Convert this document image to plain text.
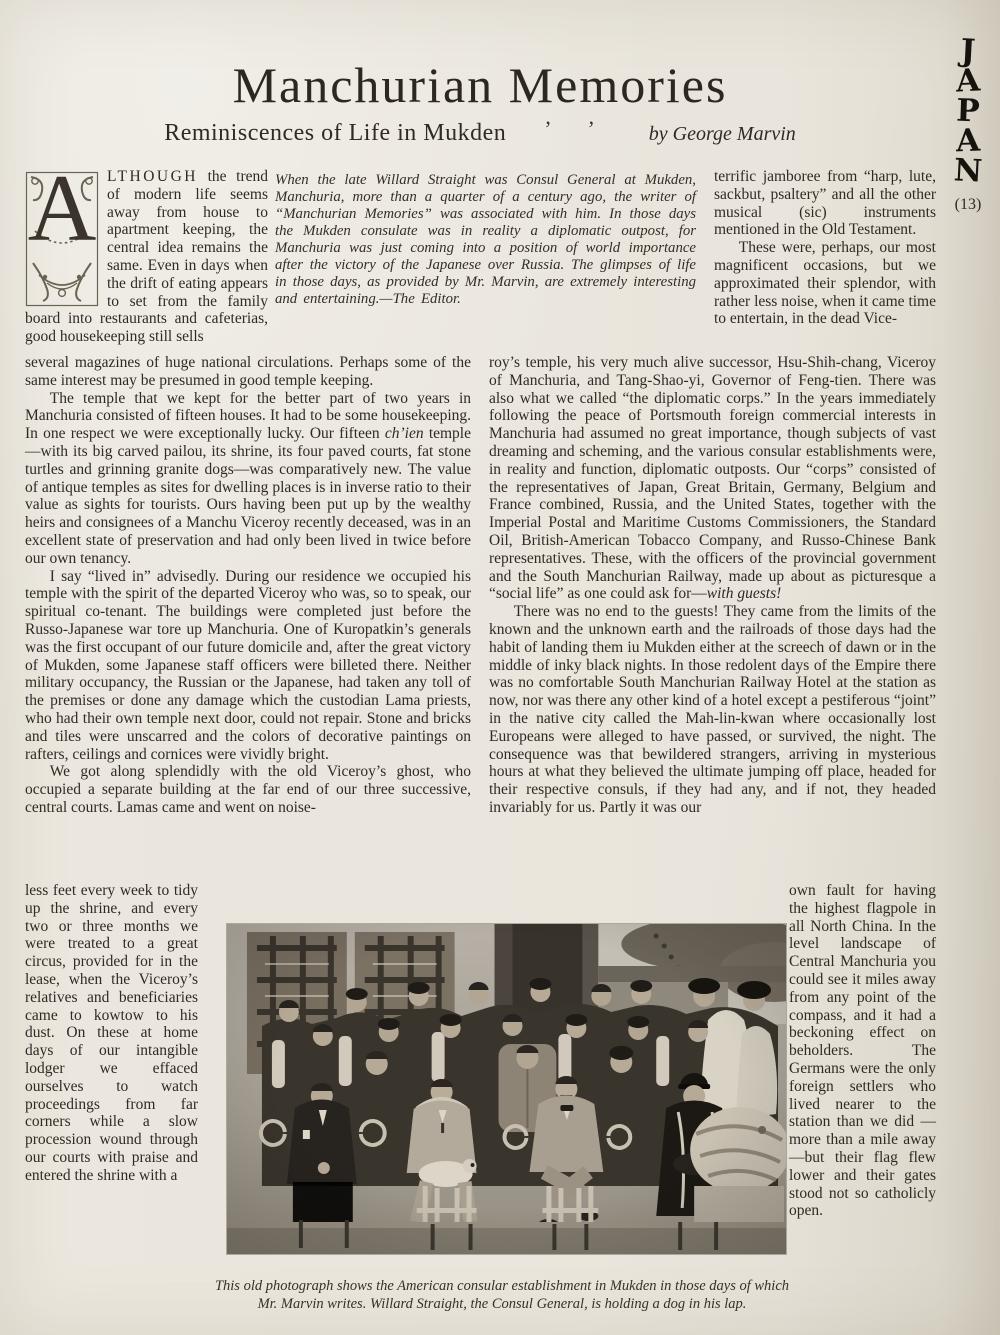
Manchurian Memories
Reminiscences of Life in Mukden ’ ’ by George Marvin

A LTHOUGH the trend of modern life seems away from house to apartment keeping, the central idea remains the same. Even in days when the drift of eating appears to set from the family board into restaurants and cafeterias, good housekeeping still sells

When the late Willard Straight was Consul General at Mukden, Manchuria, more than a quarter of a century ago, the writer of “Manchurian Memories” was associated with him. In those days the Mukden consulate was in reality a diplomatic outpost, for Manchuria was just coming into a position of world importance after the victory of the Japanese over Russia. The glimpses of life in those days, as provided by Mr. Marvin, are extremely interesting and entertaining.—The Editor.

terrific jamboree from “harp, lute, sackbut, psaltery” and all the other musical (sic) instruments mentioned in the Old Testament.

These were, perhaps, our most magnificent occasions, but we approximated their splendor, with rather less noise, when it came time to entertain, in the dead Vice-

several magazines of huge national circulations. Perhaps some of the same interest may be presumed in good temple keeping.

The temple that we kept for the better part of two years in Manchuria consisted of fifteen houses. It had to be some housekeeping. In one respect we were exceptionally lucky. Our fifteen ch’ien temple—with its big carved pailou, its shrine, its four paved courts, fat stone turtles and grinning granite dogs—was comparatively new. The value of antique temples as sites for dwelling places is in inverse ratio to their value as sights for tourists. Ours having been put up by the wealthy heirs and consignees of a Manchu Viceroy recently deceased, was in an excellent state of preservation and had only been lived in twice before our own tenancy.

I say “lived in” advisedly. During our residence we occupied his temple with the spirit of the departed Viceroy who was, so to speak, our spiritual co-tenant. The buildings were completed just before the Russo-Japanese war tore up Manchuria. One of Kuropatkin’s generals was the first occupant of our future domicile and, after the great victory of Mukden, some Japanese staff officers were billeted there. Neither military occupancy, the Russian or the Japanese, had taken any toll of the premises or done any damage which the custodian Lama priests, who had their own temple next door, could not repair. Stone and bricks and tiles were unscarred and the colors of decorative paintings on rafters, ceilings and cornices were vividly bright.

We got along splendidly with the old Viceroy’s ghost, who occupied a separate building at the far end of our three successive, central courts. Lamas came and went on noise-

roy’s temple, his very much alive successor, Hsu-Shih-chang, Viceroy of Manchuria, and Tang-Shao-yi, Governor of Feng-tien. There was also what we called “the diplomatic corps.” In the years immediately following the peace of Portsmouth foreign commercial interests in Manchuria had assumed no great importance, though subjects of vast dreaming and scheming, and the various consular establishments were, in reality and function, diplomatic outposts. Our “corps” consisted of the representatives of Japan, Great Britain, Germany, Belgium and France combined, Russia, and the United States, together with the Imperial Postal and Maritime Customs Commissioners, the Standard Oil, British-American Tobacco Company, and Russo-Chinese Bank representatives. These, with the officers of the provincial government and the South Manchurian Railway, made up about as picturesque a “social life” as one could ask for—with guests!

There was no end to the guests! They came from the limits of the known and the unknown earth and the railroads of those days had the habit of landing them iu Mukden either at the screech of dawn or in the middle of inky black nights. In those redolent days of the Empire there was no comfortable South Manchurian Railway Hotel at the station as now, nor was there any other kind of a hotel except a pestiferous “joint” in the native city called the Mah-lin-kwan where occasionally lost Europeans were alleged to have passed, or survived, the night. The consequence was that bewildered strangers, arriving in mysterious hours at what they believed the ultimate jumping off place, headed for their respective consuls, if they had any, and if not, they headed invariably for us. Partly it was our

less feet every week to tidy up the shrine, and every two or three months we were treated to a great circus, provided for in the lease, when the Viceroy’s relatives and beneficiaries came to kowtow to his dust. On these at home days of our intangible lodger we effaced ourselves to watch proceedings from far corners while a slow procession wound through our courts with praise and entered the shrine with a
own fault for having the highest flagpole in all North China. In the level landscape of Central Manchuria you could see it miles away from any point of the compass, and it had a beckoning effect on beholders. The Germans were the only foreign settlers who lived nearer to the station than we did —more than a mile away—but their flag flew lower and their gates stood not so catholicly open.

This old photograph shows the American consular establishment in Mukden in those days of which Mr. Marvin writes. Willard Straight, the Consul General, is holding a dog in his lap.

J
A
P
A
N
(13)
